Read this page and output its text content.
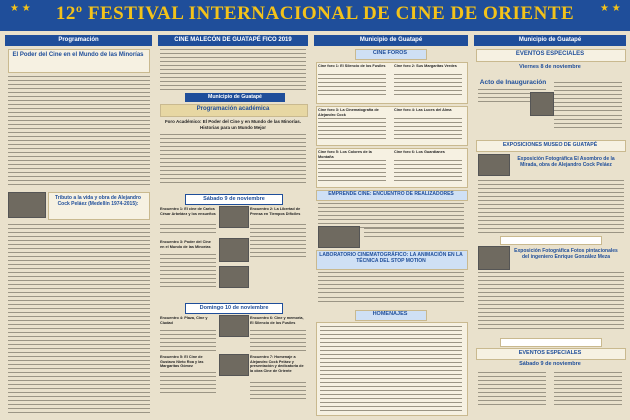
★ ★	★ ★
12º FESTIVAL INTERNACIONAL DE CINE DE ORIENTE
Programación
El Poder del Cine en el Mundo de las Minorías
Tributo a la vida y obra de Alejandro Cock Peláez (Medellín 1974-2015):
CINE MALECÓN DE GUATAPÉ FICO 2019
Municipio de Guatapé
Programación académica
Foro Académico: El Poder del Cine y en Mundo de las Minorías. Historias para un Mundo Mejor
Sábado 9 de noviembre
Encuentro 1: El cine de Carlos César Arbeláez y los ensueños
Encuentro 2: La Libertad de Prensa en Tiempos Difíciles
Encuentro 3: Poder del Cine en el Mundo de las Minorías
Domingo 10 de noviembre
Encuentro 4: Plaza, Cine y Ciudad
Encuentro 6: Cine y memoria, El Silencio de los Fusiles
Encuentro 5: El Cine de Gustavo Nieto Roa y las Margaritas Gómez
Encuentro 7: Homenaje a Alejandro Cock Peláez y presentación y dedicatoria de la obra Cine de Oriente
Municipio de Guatapé
CINE FOROS
Cine foro 1: El Silencio de los Fusiles	Cine foro 2: Sus Margaritas Verdes
Cine foro 3: La Cinematografía de Alejandro Cock
Cine foro 4: Las Luces del Alma
Cine foro 5: Los Colores de la Montaña
Cine foro 6: Los Guardianes
EMPRENDE CINE: ENCUENTRO DE REALIZADORES
LABORATORIO CINEMATOGRÁFICO: LA ANIMACIÓN EN LA TÉCNICA DEL STOP MOTION
HOMENAJES
Municipio de Guatapé
EVENTOS ESPECIALES
Viernes 8 de noviembre
Acto de Inauguración
EXPOSICIONES MUSEO DE GUATAPÉ
Exposición Fotográfica El Asombro de la Mirada, obra de Alejandro Cock Peláez
Exposición Fotográfica Fotos pintacionales del ingeniero Enrique González Meza
EVENTOS ESPECIALES
Sábado 9 de noviembre
